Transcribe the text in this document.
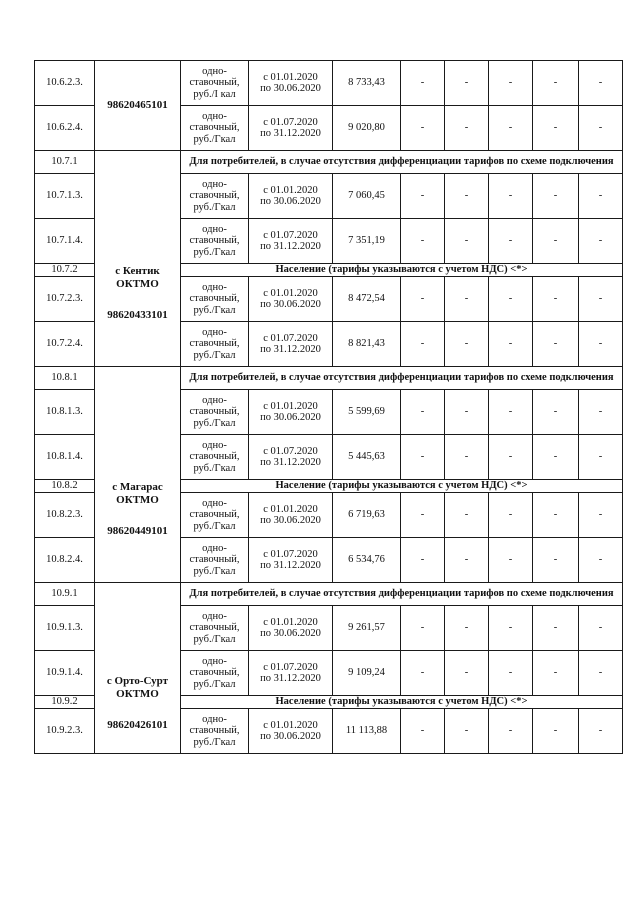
10.6.2.3.	98620465101	одно-
ставочный,
руб./I кал	с 01.01.2020
по 30.06.2020	8 733,43	-	-	-	-	-
10.6.2.4.		одно-
ставочный,
руб./Гкал	с 01.07.2020
по 31.12.2020	9 020,80	-	-	-	-	-
10.7.1	с Кентик
ОКТМО
98620433101	Для потребителей, в случае отсутствия дифференциации тарифов по схеме подключения							
10.7.1.3.		одно-
ставочный,
руб./Гкал	с 01.01.2020
по 30.06.2020	7 060,45	-	-	-	-	-
10.7.1.4.		одно-
ставочный,
руб./Гкал	с 01.07.2020
по 31.12.2020	7 351,19	-	-	-	-	-
10.7.2		Население (тарифы указываются с учетом НДС) <*>							
10.7.2.3.		одно-
ставочный,
руб./Гкал	с 01.01.2020
по 30.06.2020	8 472,54	-	-	-	-	-
10.7.2.4.		одно-
ставочный,
руб./Гкал	с 01.07.2020
по 31.12.2020	8 821,43	-	-	-	-	-
10.8.1	с Магарас
ОКТМО
98620449101	Для потребителей, в случае отсутствия дифференциации тарифов по схеме подключения							
10.8.1.3.		одно-
ставочный,
руб./Гкал	с 01.01.2020
по 30.06.2020	5 599,69	-	-	-	-	-
10.8.1.4.		одно-
ставочный,
руб./Гкал	с 01.07.2020
по 31.12.2020	5 445,63	-	-	-	-	-
10.8.2		Население (тарифы указываются с учетом НДС) <*>							
10.8.2.3.		одно-
ставочный,
руб./Гкал	с 01.01.2020
по 30.06.2020	6 719,63	-	-	-	-	-
10.8.2.4.		одно-
ставочный,
руб./Гкал	с 01.07.2020
по 31.12.2020	6 534,76	-	-	-	-	-
10.9.1	с Орто-Сурт
ОКТМО
98620426101	Для потребителей, в случае отсутствия дифференциации тарифов по схеме подключения							
10.9.1.3.		одно-
ставочный,
руб./Гкал	с 01.01.2020
по 30.06.2020	9 261,57	-	-	-	-	-
10.9.1.4.		одно-
ставочный,
руб./Гкал	с 01.07.2020
по 31.12.2020	9 109,24	-	-	-	-	-
10.9.2		Население (тарифы указываются с учетом НДС) <*>							
10.9.2.3.		одно-
ставочный,
руб./Гкал	с 01.01.2020
по 30.06.2020	11 113,88	-	-	-	-	-
